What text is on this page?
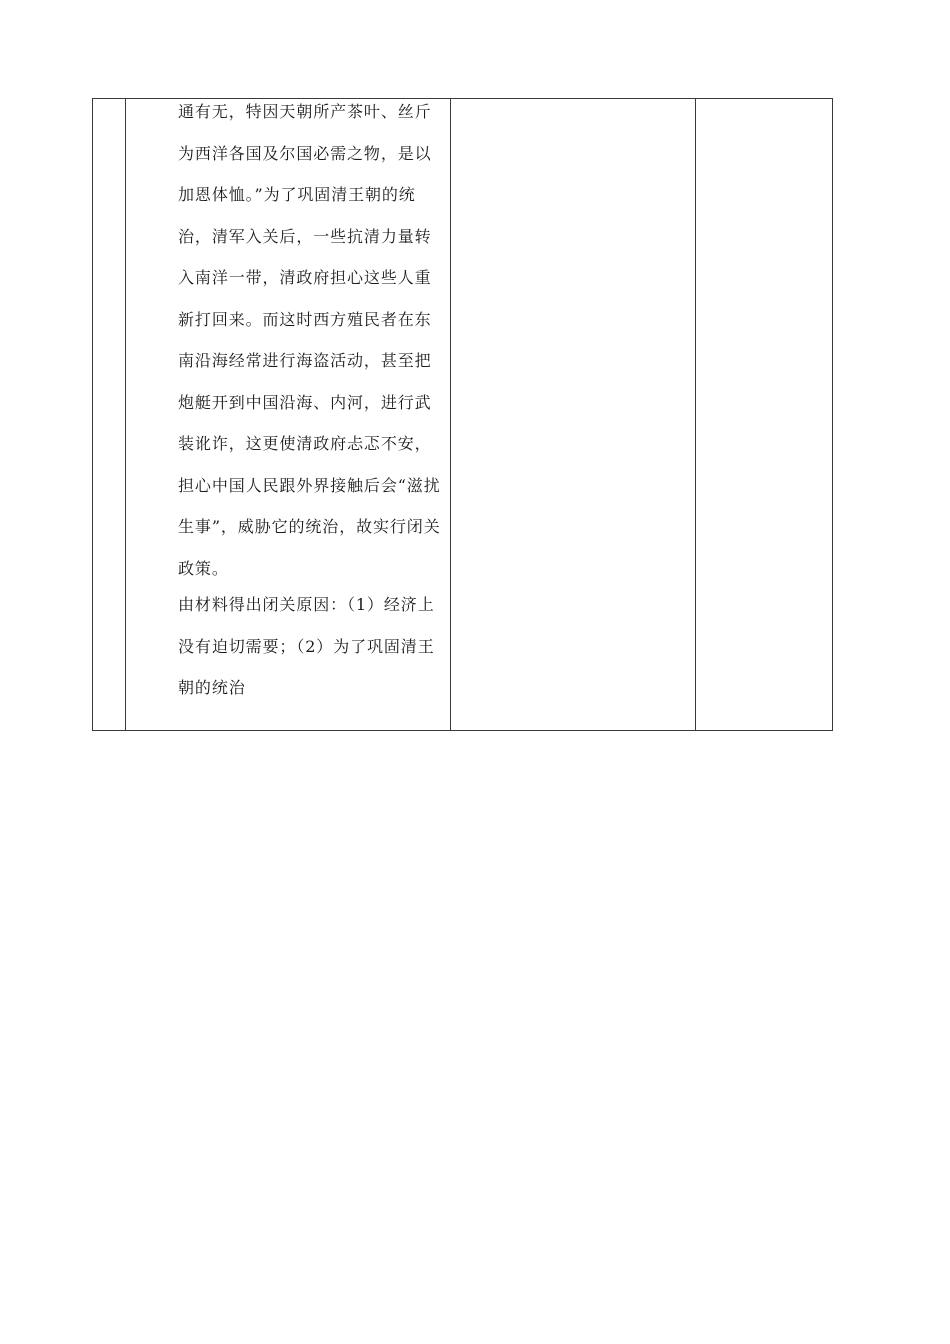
通有无，特因天朝所产茶叶、丝斤为西洋各国及尔国必需之物，是以加恩体恤。”为了巩固清王朝的统治，清军入关后，一些抗清力量转入南洋一带，清政府担心这些人重新打回来。而这时西方殖民者在东南沿海经常进行海盗活动，甚至把炮艇开到中国沿海、内河，进行武装讹诈，这更使清政府忐忑不安，担心中国人民跟外界接触后会“滋扰生事”，威胁它的统治，故实行闭关政策。

由材料得出闭关原因：（1）经济上没有迫切需要；（2）为了巩固清王朝的统治
